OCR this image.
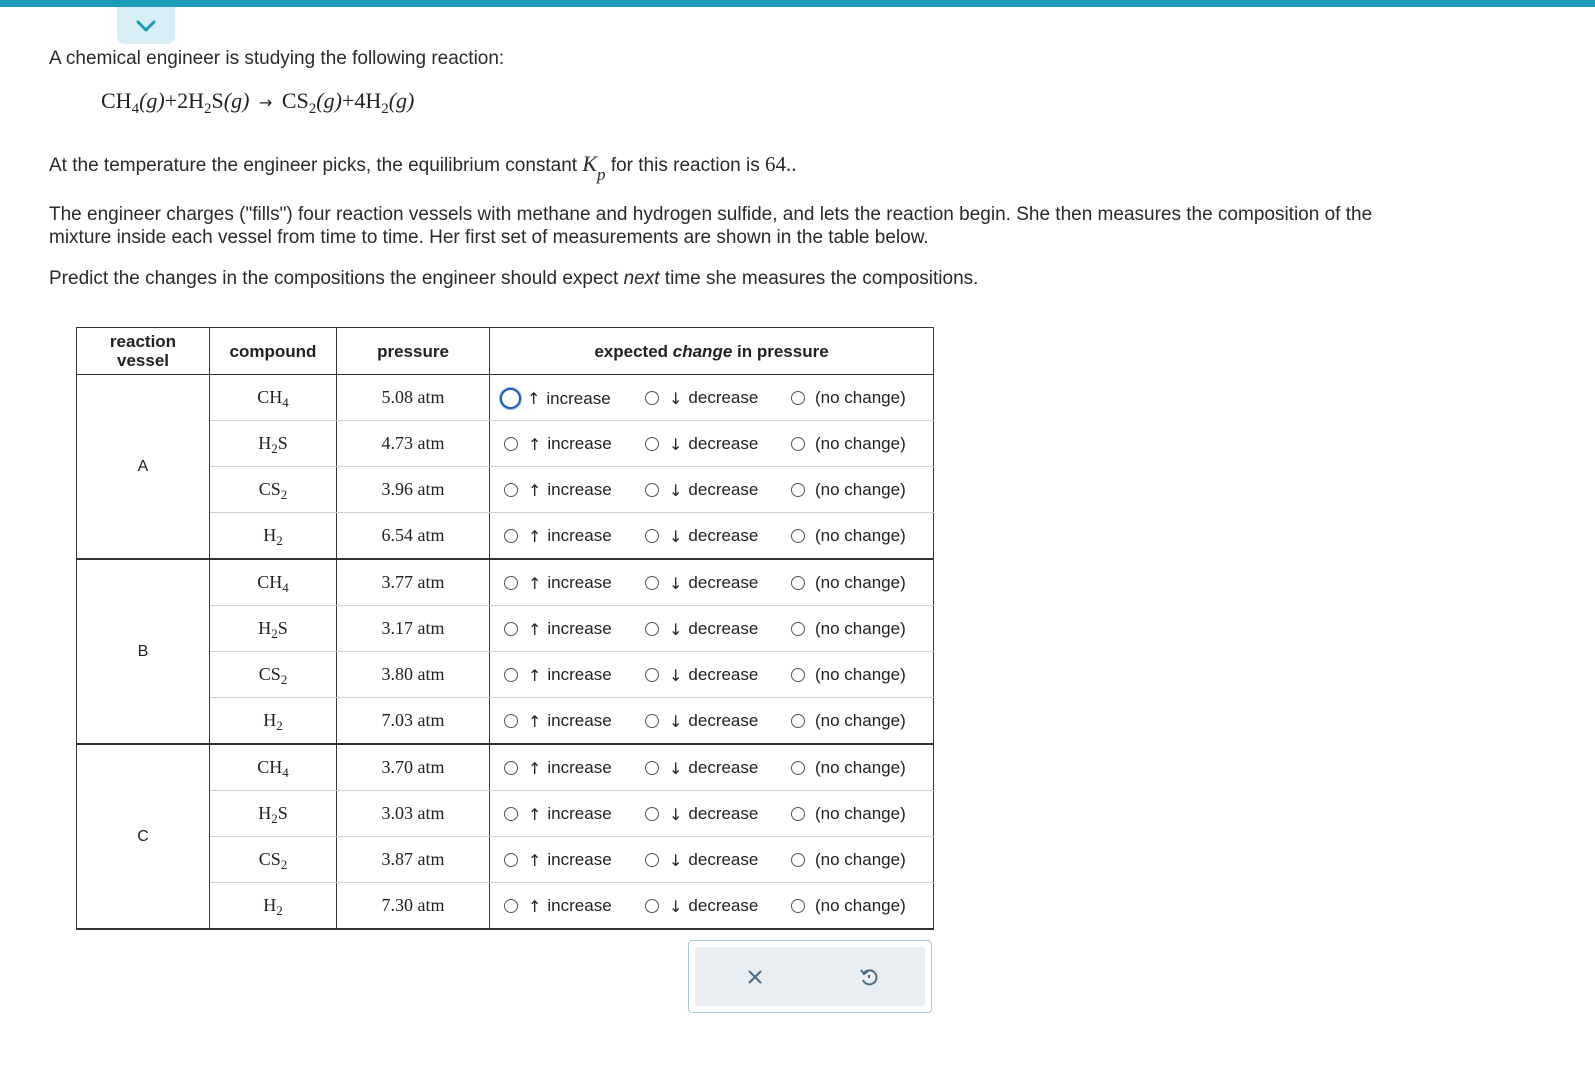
A chemical engineer is studying the following reaction:
$CH_4(g)+2H_2S(g) \to CS_2(g)+4H_2(g)$
At the temperature the engineer picks, the equilibrium constant $K_p$ for this reaction is 64..
The engineer charges ("fills") four reaction vessels with methane and hydrogen sulfide, and lets the reaction begin. She then measures the composition of the
mixture inside each vessel from time to time. Her first set of measurements are shown in the table below.
Predict the changes in the compositions the engineer should expect next time she measures the compositions.
reaction
vessel	compound	pressure	expected change in pressure
A	$CH_4$	5.08 atm	↑ increase ↓ decrease (no change)

	$H_2S$	4.73 atm	↑ increase ↓ decrease (no change)

	$CS_2$	3.96 atm	↑ increase ↓ decrease (no change)

	$H_2$	6.54 atm	↑ increase ↓ decrease (no change)

B	$CH_4$	3.77 atm	↑ increase ↓ decrease (no change)

	$H_2S$	3.17 atm	↑ increase ↓ decrease (no change)

	$CS_2$	3.80 atm	↑ increase ↓ decrease (no change)

	$H_2$	7.03 atm	↑ increase ↓ decrease (no change)

C	$CH_4$	3.70 atm	↑ increase ↓ decrease (no change)

	$H_2S$	3.03 atm	↑ increase ↓ decrease (no change)

	$CS_2$	3.87 atm	↑ increase ↓ decrease (no change)

	$H_2$	7.30 atm	↑ increase ↓ decrease (no change)
